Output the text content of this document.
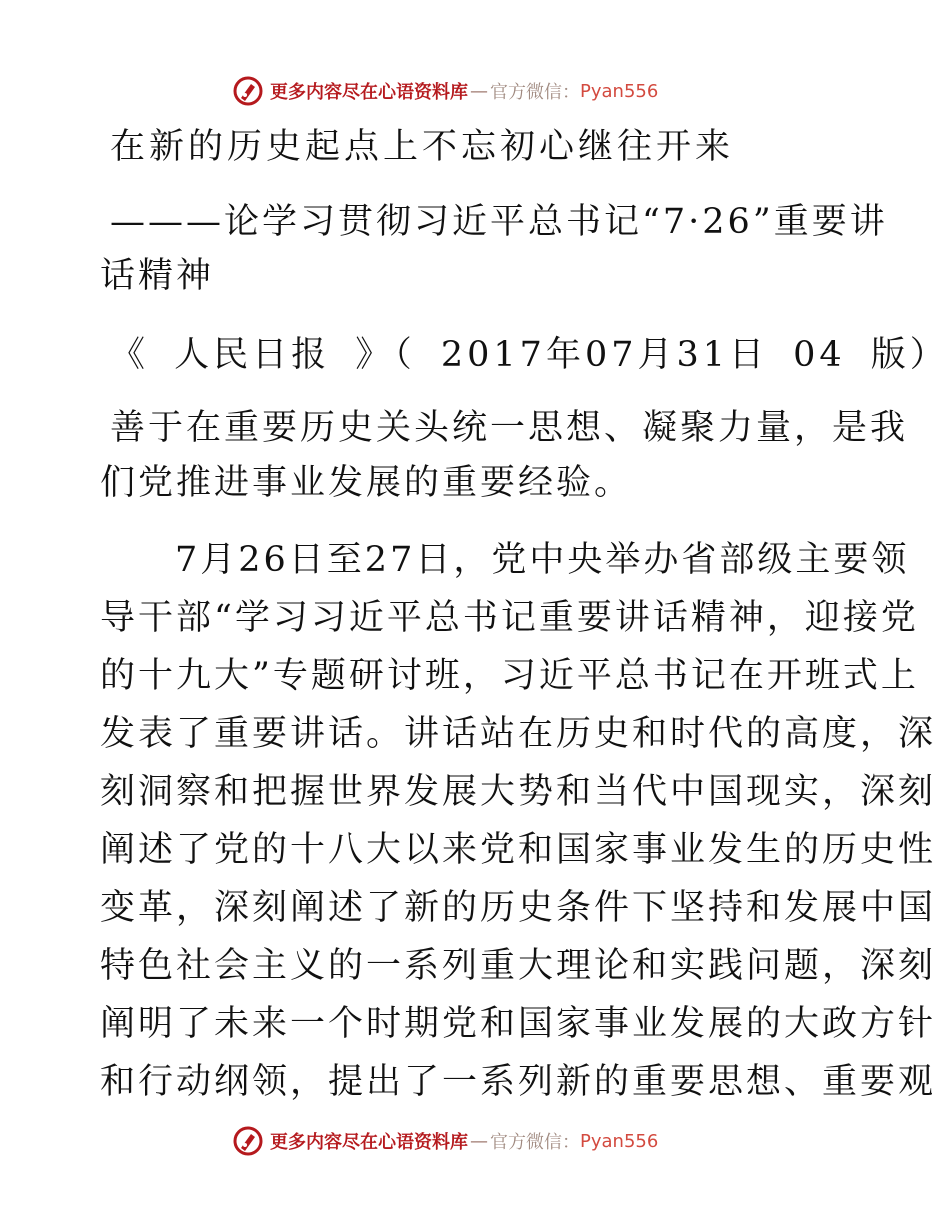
更多内容尽在心语资料库 — 官方微信： Pyan556
在新的历史起点上不忘初心继往开来
———论学习贯彻习近平总书记“7·26”重要讲
话精神
《 人民日报 》（ 2017年07月31日 04 版）
善于在重要历史关头统一思想、凝聚力量，是我
们党推进事业发展的重要经验。
7月26日至27日，党中央举办省部级主要领
导干部“学习习近平总书记重要讲话精神，迎接党
的十九大”专题研讨班，习近平总书记在开班式上
发表了重要讲话。讲话站在历史和时代的高度，深
刻洞察和把握世界发展大势和当代中国现实，深刻
阐述了党的十八大以来党和国家事业发生的历史性
变革，深刻阐述了新的历史条件下坚持和发展中国
特色社会主义的一系列重大理论和实践问题，深刻
阐明了未来一个时期党和国家事业发展的大政方针
和行动纲领，提出了一系列新的重要思想、重要观
更多内容尽在心语资料库 — 官方微信： Pyan556
